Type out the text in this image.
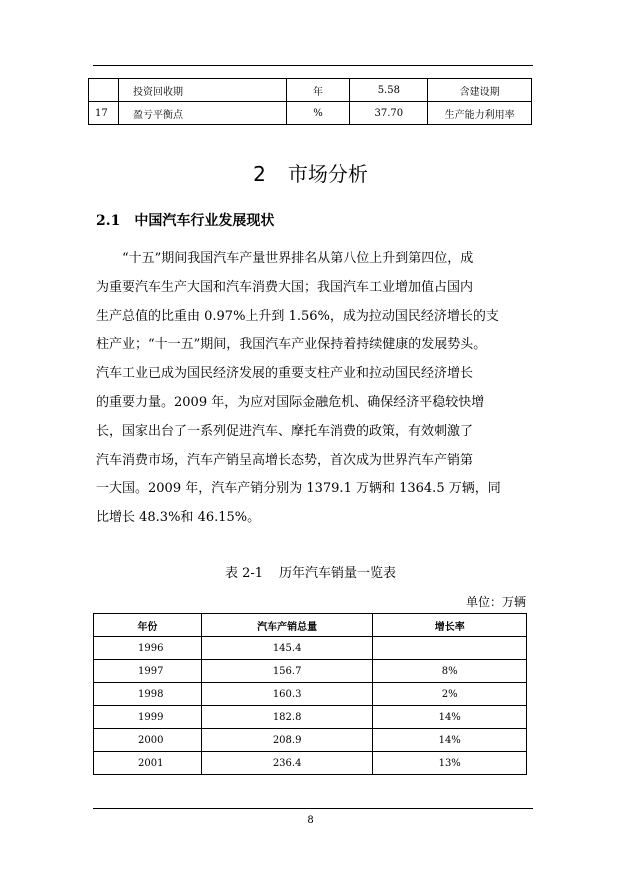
	投资回收期	年	5.58	含建设期
17	盈亏平衡点	%	37.70	生产能力利用率
2 市场分析
2.1 中国汽车行业发展现状

“十五”期间我国汽车产量世界排名从第八位上升到第四位，成

为重要汽车生产大国和汽车消费大国；我国汽车工业增加值占国内

生产总值的比重由 0.97%上升到 1.56%，成为拉动国民经济增长的支

柱产业；“十一五”期间，我国汽车产业保持着持续健康的发展势头。

汽车工业已成为国民经济发展的重要支柱产业和拉动国民经济增长

的重要力量。2009 年，为应对国际金融危机、确保经济平稳较快增

长，国家出台了一系列促进汽车、摩托车消费的政策，有效刺激了

汽车消费市场，汽车产销呈高增长态势，首次成为世界汽车产销第

一大国。2009 年，汽车产销分别为 1379.1 万辆和 1364.5 万辆，同

比增长 48.3%和 46.15%。

表 2-1 历年汽车销量一览表
单位：万辆
年份	汽车产销总量	增长率
1996	145.4	
1997	156.7	8%
1998	160.3	2%
1999	182.8	14%
2000	208.9	14%
2001	236.4	13%
8
